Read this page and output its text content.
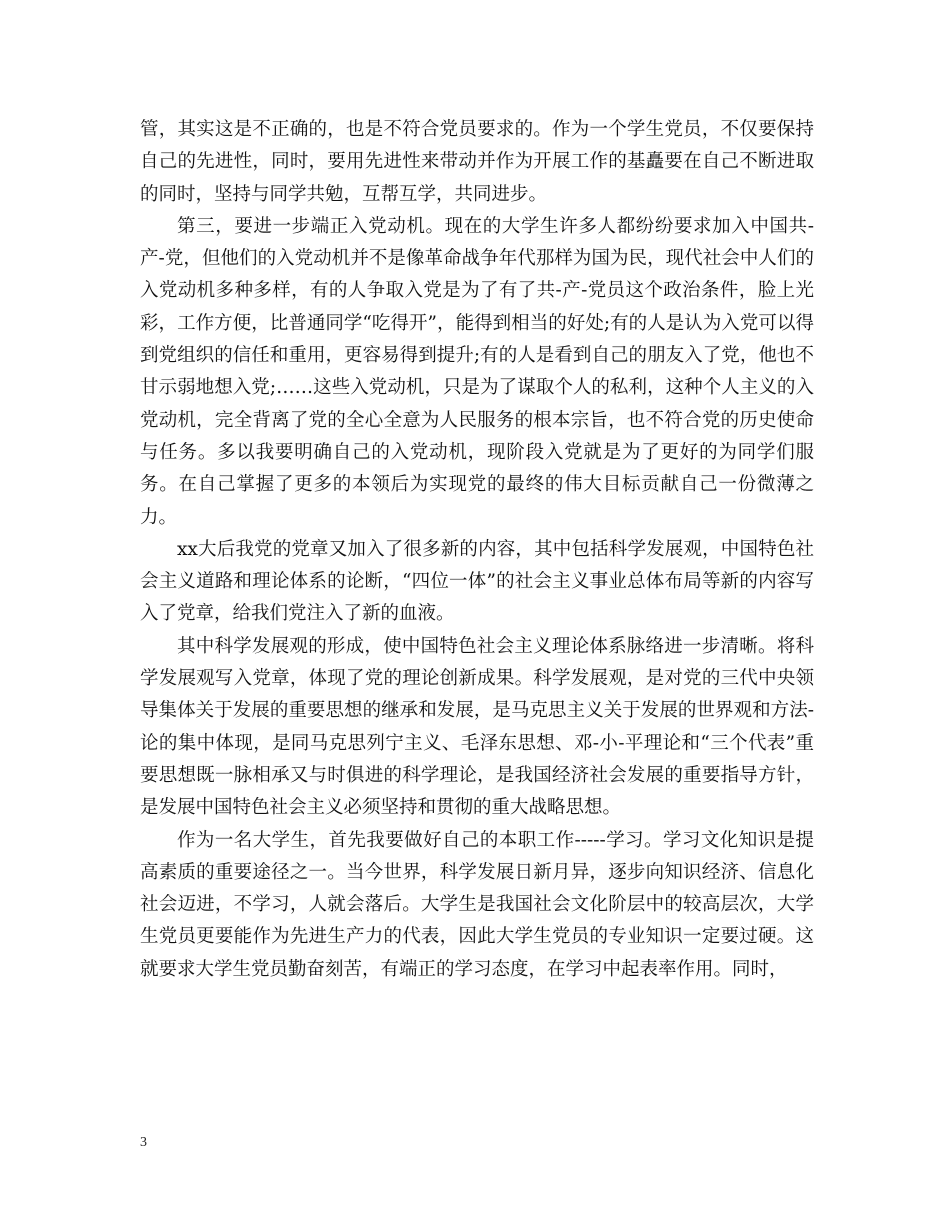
管，其实这是不正确的，也是不符合党员要求的。作为一个学生党员，不仅要保持自己的先进性，同时，要用先进性来带动并作为开展工作的基矗要在自己不断进取的同时，坚持与同学共勉，互帮互学，共同进步。

第三，要进一步端正入党动机。现在的大学生许多人都纷纷要求加入中国共-产-党，但他们的入党动机并不是像革命战争年代那样为国为民，现代社会中人们的入党动机多种多样，有的人争取入党是为了有了共-产-党员这个政治条件，脸上光彩，工作方便，比普通同学“吃得开”，能得到相当的好处;有的人是认为入党可以得到党组织的信任和重用，更容易得到提升;有的人是看到自己的朋友入了党，他也不甘示弱地想入党;……这些入党动机，只是为了谋取个人的私利，这种个人主义的入党动机，完全背离了党的全心全意为人民服务的根本宗旨，也不符合党的历史使命与任务。多以我要明确自己的入党动机，现阶段入党就是为了更好的为同学们服务。在自己掌握了更多的本领后为实现党的最终的伟大目标贡献自己一份微薄之力。

xx大后我党的党章又加入了很多新的内容，其中包括科学发展观，中国特色社会主义道路和理论体系的论断，“四位一体”的社会主义事业总体布局等新的内容写入了党章，给我们党注入了新的血液。

其中科学发展观的形成，使中国特色社会主义理论体系脉络进一步清晰。将科学发展观写入党章，体现了党的理论创新成果。科学发展观，是对党的三代中央领导集体关于发展的重要思想的继承和发展，是马克思主义关于发展的世界观和方法-论的集中体现，是同马克思列宁主义、毛泽东思想、邓-小-平理论和“三个代表”重要思想既一脉相承又与时俱进的科学理论，是我国经济社会发展的重要指导方针，是发展中国特色社会主义必须坚持和贯彻的重大战略思想。

作为一名大学生，首先我要做好自己的本职工作-----学习。学习文化知识是提高素质的重要途径之一。当今世界，科学发展日新月异，逐步向知识经济、信息化社会迈进，不学习，人就会落后。大学生是我国社会文化阶层中的较高层次，大学生党员更要能作为先进生产力的代表，因此大学生党员的专业知识一定要过硬。这就要求大学生党员勤奋刻苦，有端正的学习态度，在学习中起表率作用。同时，

3
